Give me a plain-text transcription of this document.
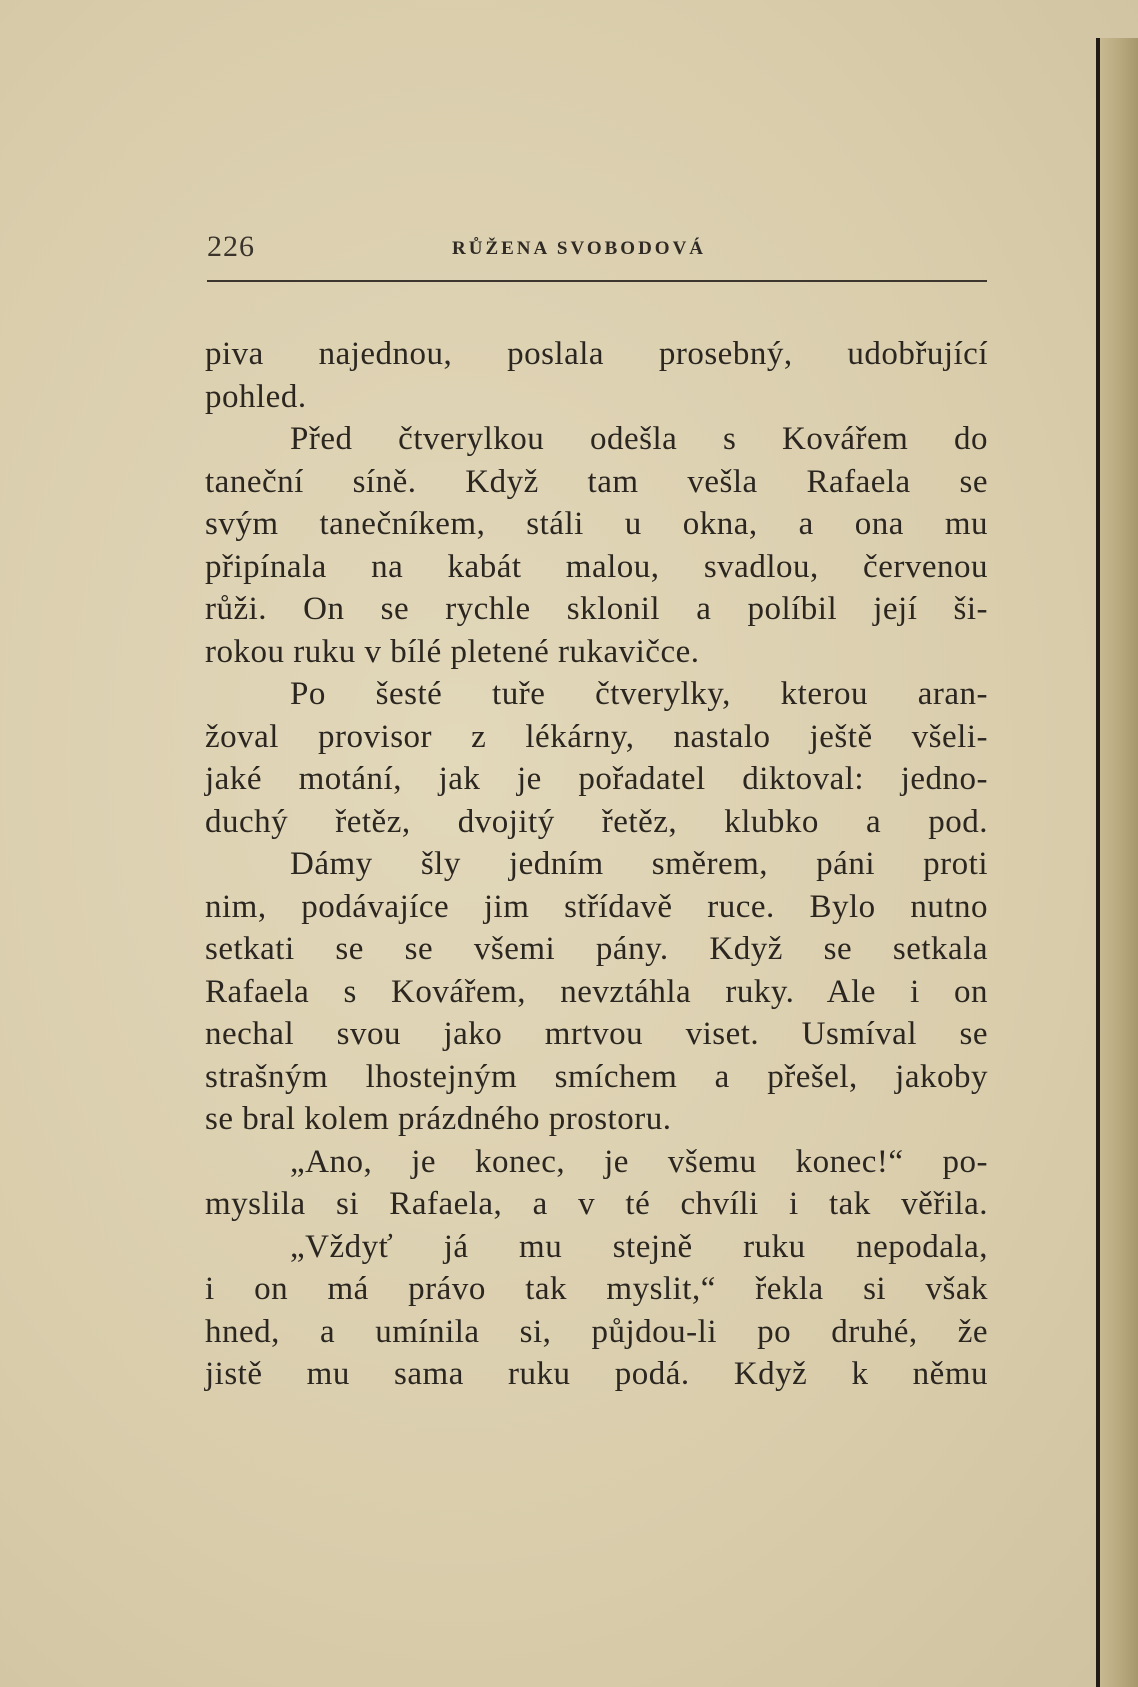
226	RŮŽENA SVOBODOVÁ
piva najednou, poslala prosebný, udobřující
pohled.
Před čtverylkou odešla s Kovářem do
taneční síně. Když tam vešla Rafaela se
svým tanečníkem, stáli u okna, a ona mu
připínala na kabát malou, svadlou, červenou
růži. On se rychle sklonil a políbil její ši-
rokou ruku v bílé pletené rukavičce.
Po šesté tuře čtverylky, kterou aran-
žoval provisor z lékárny, nastalo ještě všeli-
jaké motání, jak je pořadatel diktoval: jedno-
duchý řetěz, dvojitý řetěz, klubko a pod.
Dámy šly jedním směrem, páni proti
nim, podávajíce jim střídavě ruce. Bylo nutno
setkati se se všemi pány. Když se setkala
Rafaela s Kovářem, nevztáhla ruky. Ale i on
nechal svou jako mrtvou viset. Usmíval se
strašným lhostejným smíchem a přešel, jakoby
se bral kolem prázdného prostoru.
„Ano, je konec, je všemu konec!“ po-
myslila si Rafaela, a v té chvíli i tak věřila.
„Vždyť já mu stejně ruku nepodala,
i on má právo tak myslit,“ řekla si však
hned, a umínila si, půjdou-li po druhé, že
jistě mu sama ruku podá. Když k němu
